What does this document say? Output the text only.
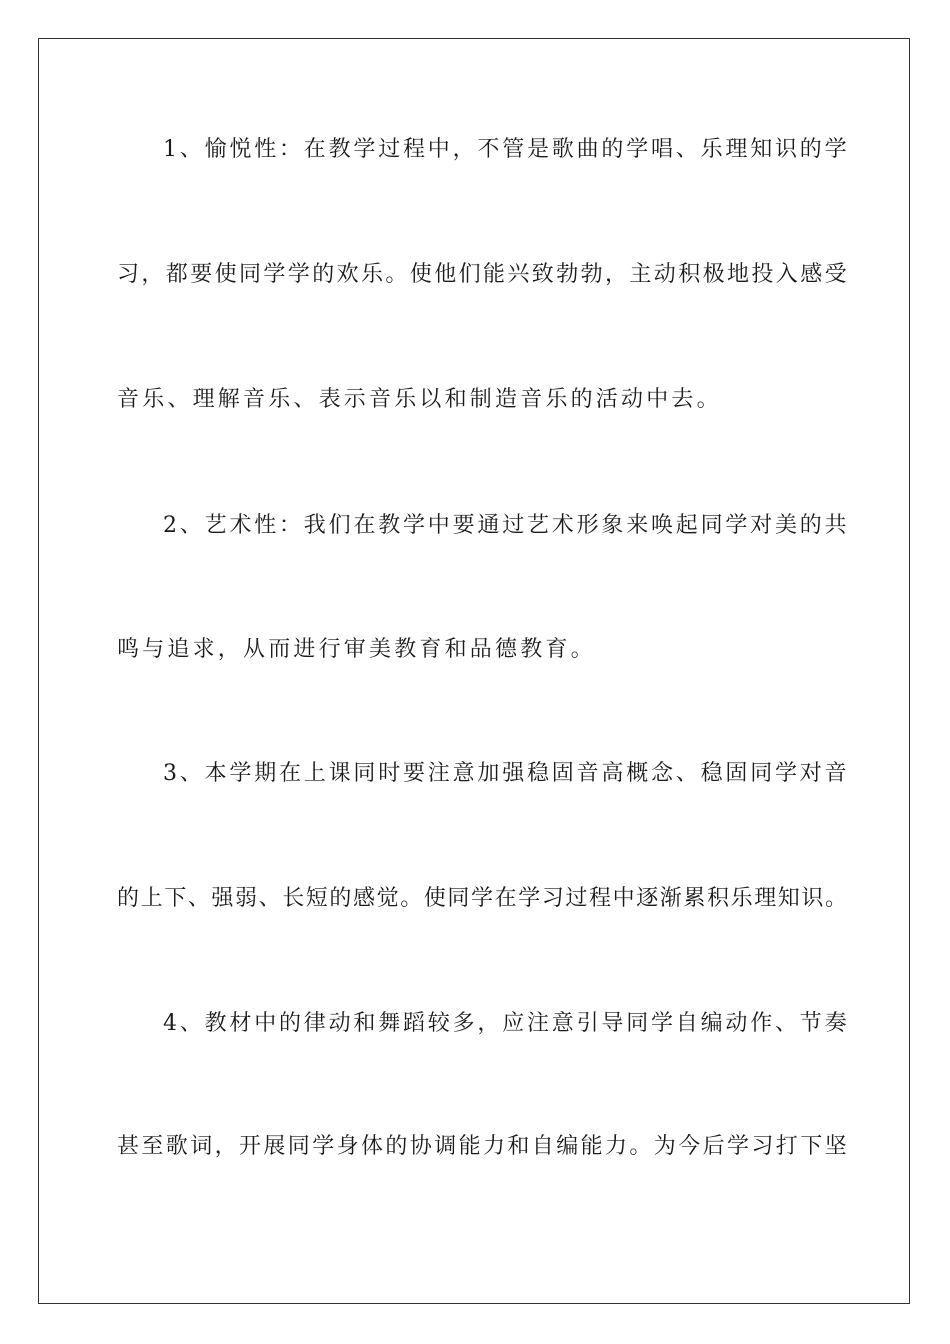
1、愉悦性：在教学过程中，不管是歌曲的学唱、乐理知识的学
习，都要使同学学的欢乐。使他们能兴致勃勃，主动积极地投入感受
音乐、理解音乐、表示音乐以和制造音乐的活动中去。
2、艺术性：我们在教学中要通过艺术形象来唤起同学对美的共
鸣与追求，从而进行审美教育和品德教育。
3、本学期在上课同时要注意加强稳固音高概念、稳固同学对音
的上下、强弱、长短的感觉。使同学在学习过程中逐渐累积乐理知识。
4、教材中的律动和舞蹈较多，应注意引导同学自编动作、节奏
甚至歌词，开展同学身体的协调能力和自编能力。为今后学习打下坚
